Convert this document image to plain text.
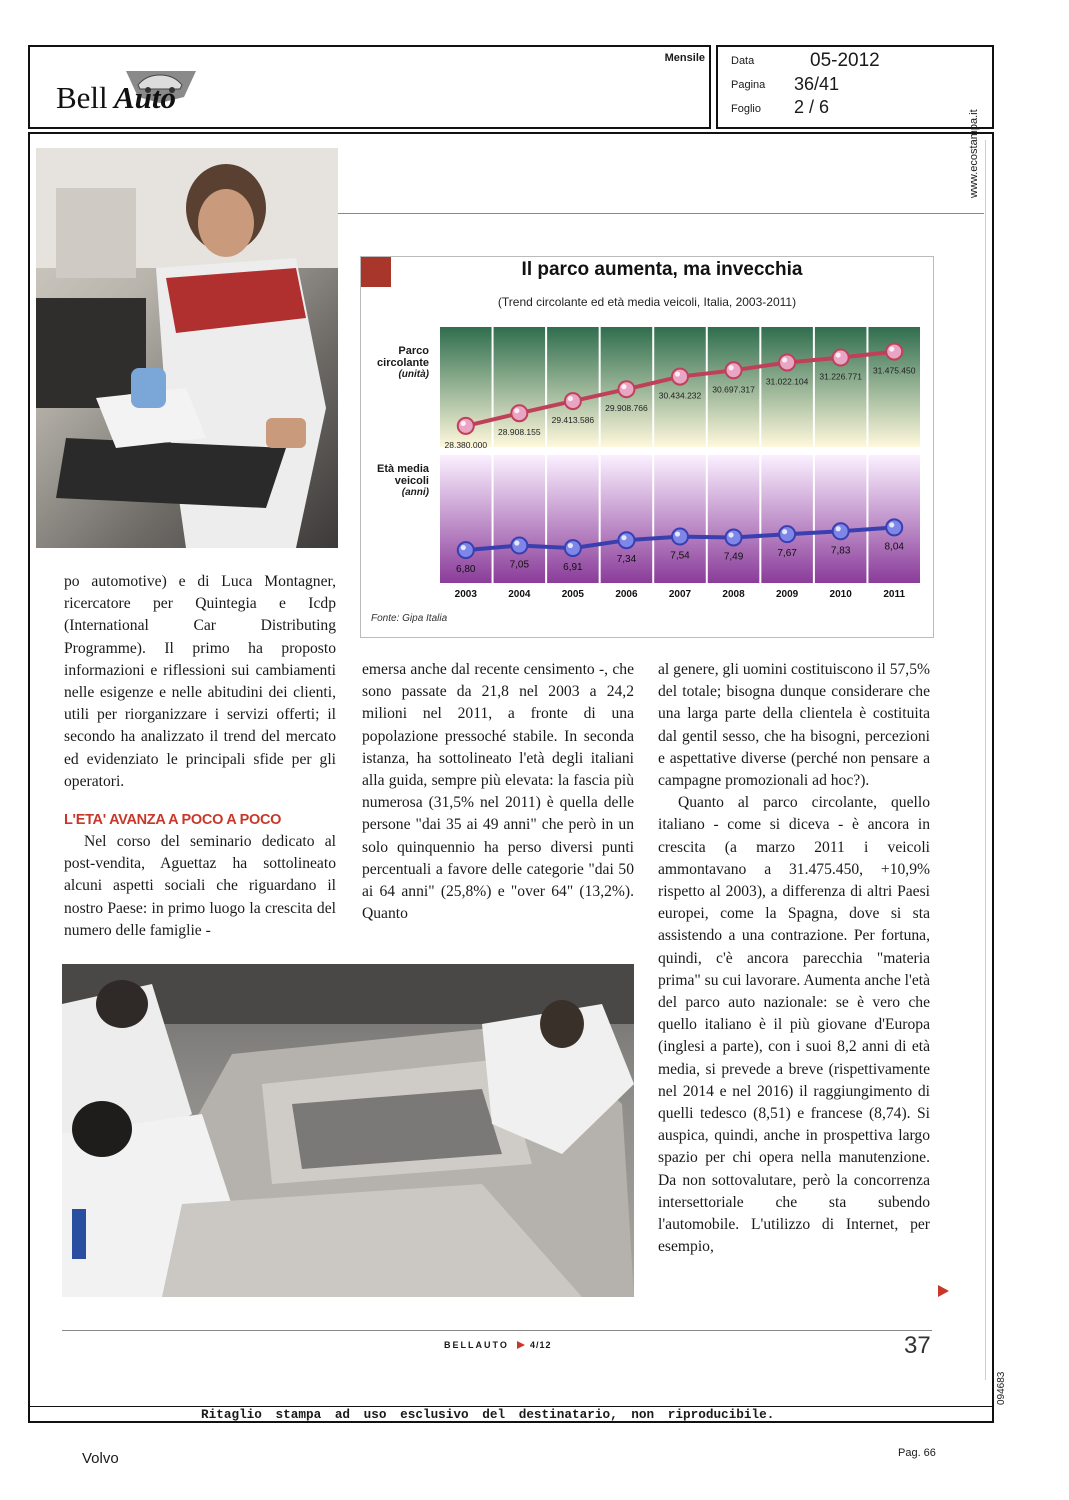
Bell Auto
Mensile Data	05-2012
Pagina 36/41
Foglio 2 / 6
www.ecostampa.it
094683
Il parco aumenta, ma invecchia
(Trend circolante ed età media veicoli, Italia, 2003-2011)
Parco
circolante
(unità)
Età media
veicoli
(anni)
2003	2004	2005	2006	2007	2008	2009	2010	2011
28.380.000
28.908.155
29.413.586
29.908.766
30.434.232
30.697.317
31.022.104 31.226.771
31.475.450
6,80	7,05	6,91
7,34	7,54	7,49	7,67	7,83	8,04
Fonte: Gipa Italia

po automotive) e di Luca Montagner, ricercatore per Quintegia e Icdp (International Car Distributing Programme). Il primo ha proposto informazioni e riflessioni sui cambiamenti nelle esigenze e nelle abitudini dei clienti, utili per riorganizzare i servizi offerti; il secondo ha analizzato il trend del mercato ed evidenziato le principali sfide per gli operatori.

L'ETA' AVANZA A POCO A POCO

Nel corso del seminario dedicato al post-vendita, Aguettaz ha sottolineato alcuni aspetti sociali che riguardano il nostro Paese: in primo luogo la crescita del numero delle famiglie -

emersa anche dal recente censimento -, che sono passate da 21,8 nel 2003 a 24,2 milioni nel 2011, a fronte di una popolazione pressoché stabile. In seconda istanza, ha sottolineato l'età degli italiani alla guida, sempre più elevata: la fascia più numerosa (31,5% nel 2011) è quella delle persone "dai 35 ai 49 anni" che però in un solo quinquennio ha perso diversi punti percentuali a favore delle categorie "dai 50 ai 64 anni" (25,8%) e "over 64" (13,2%). Quanto

al genere, gli uomini costituiscono il 57,5% del totale; bisogna dunque considerare che una larga parte della clientela è costituita dal gentil sesso, che ha bisogni, percezioni e aspettative diverse (perché non pensare a campagne promozionali ad hoc?).

Quanto al parco circolante, quello italiano - come si diceva - è ancora in crescita (a marzo 2011 i veicoli ammontavano a 31.475.450, +10,9% rispetto al 2003), a differenza di altri Paesi europei, come la Spagna, dove si sta assistendo a una contrazione. Per fortuna, quindi, c'è ancora parecchia "materia prima" su cui lavorare. Aumenta anche l'età del parco auto nazionale: se è vero che quello italiano è il più giovane d'Europa (inglesi a parte), con i suoi 8,2 anni di età media, si prevede a breve (rispettivamente nel 2014 e nel 2016) il raggiungimento di quelli tedesco (8,51) e francese (8,74). Si auspica, quindi, anche in prospettiva largo spazio per chi opera nella manutenzione. Da non sottovalutare, però la concorrenza intersettoriale che sta subendo l'automobile. L'utilizzo di Internet, per esempio,

BELLAUTO 4/12	37
Ritaglio stampa ad uso esclusivo del destinatario, non riproducibile.
Volvo	Pag. 66
